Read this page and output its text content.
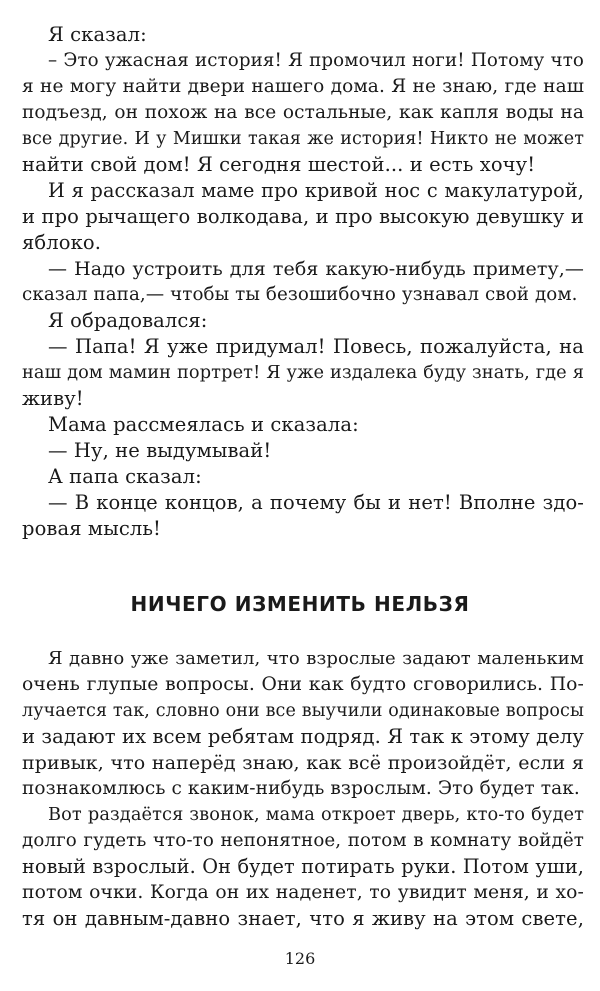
Я сказал:
– Это ужасная история! Я промочил ноги! Потому что
я не могу найти двери нашего дома. Я не знаю, где наш
подъезд, он похож на все остальные, как капля воды на
все другие. И у Мишки такая же история! Никто не может
найти свой дом! Я сегодня шестой... и есть хочу!
И я рассказал маме про кривой нос с макулатурой,
и про рычащего волкодава, и про высокую девушку и
яблоко.
— Надо устроить для тебя какую-нибудь примету,—
сказал папа,— чтобы ты безошибочно узнавал свой дом.
Я обрадовался:
— Папа! Я уже придумал! Повесь, пожалуйста, на
наш дом мамин портрет! Я уже издалека буду знать, где я
живу!
Мама рассмеялась и сказала:
— Ну, не выдумывай!
А папа сказал:
— В конце концов, а почему бы и нет! Вполне здо-
ровая мысль!
НИЧЕГО ИЗМЕНИТЬ НЕЛЬЗЯ
Я давно уже заметил, что взрослые задают маленьким
очень глупые вопросы. Они как будто сговорились. По-
лучается так, словно они все выучили одинаковые вопросы
и задают их всем ребятам подряд. Я так к этому делу
привык, что наперёд знаю, как всё произойдёт, если я
познакомлюсь с каким-нибудь взрослым. Это будет так.
Вот раздаётся звонок, мама откроет дверь, кто-то будет
долго гудеть что-то непонятное, потом в комнату войдёт
новый взрослый. Он будет потирать руки. Потом уши,
потом очки. Когда он их наденет, то увидит меня, и хо-
тя он давным-давно знает, что я живу на этом свете,
126
